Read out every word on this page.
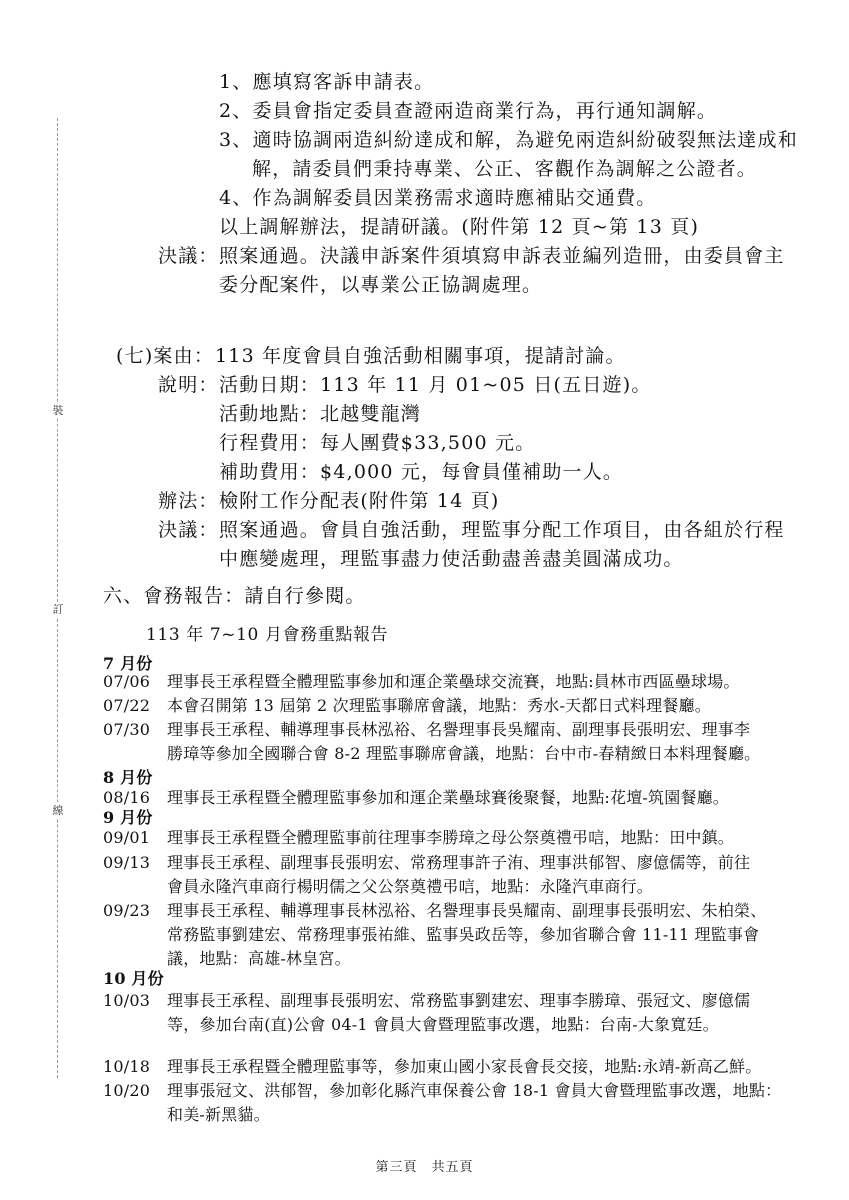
裝
訂
線
1、應填寫客訴申請表。
2、委員會指定委員查證兩造商業行為，再行通知調解。
3、適時協調兩造糾紛達成和解，為避免兩造糾紛破裂無法達成和
解，請委員們秉持專業、公正、客觀作為調解之公證者。
4、作為調解委員因業務需求適時應補貼交通費。
以上調解辦法，提請研議。(附件第 12 頁~第 13 頁)
決議： 照案通過。決議申訴案件須填寫申訴表並編列造冊，由委員會主
委分配案件，以專業公正協調處理。
(七)案由： 113 年度會員自強活動相關事項，提請討論。
說明： 活動日期：113 年 11 月 01~05 日(五日遊)。
活動地點：北越雙龍灣
行程費用：每人團費$33,500 元。
補助費用：$4,000 元，每會員僅補助一人。
辦法： 檢附工作分配表(附件第 14 頁)
決議： 照案通過。會員自強活動，理監事分配工作項目，由各組於行程
中應變處理，理監事盡力使活動盡善盡美圓滿成功。
六、會務報告：請自行參閱。
113 年 7~10 月會務重點報告
7 月份
07/06 理事長王承程暨全體理監事參加和運企業壘球交流賽，地點:員林市西區壘球場。
07/22 本會召開第 13 屆第 2 次理監事聯席會議，地點：秀水-天都日式料理餐廳。
07/30 理事長王承程、輔導理事長林泓裕、名譽理事長吳耀南、副理事長張明宏、理事李
勝璋等參加全國聯合會 8-2 理監事聯席會議，地點：台中市-春精緻日本料理餐廳。
8 月份
08/16 理事長王承程暨全體理監事參加和運企業壘球賽後聚餐，地點:花壇-筑園餐廳。
9 月份
09/01 理事長王承程暨全體理監事前往理事李勝璋之母公祭奠禮弔唁，地點：田中鎮。
09/13 理事長王承程、副理事長張明宏、常務理事許子洧、理事洪郁智、廖億儒等，前往
會員永隆汽車商行楊明儒之父公祭奠禮弔唁，地點：永隆汽車商行。
09/23 理事長王承程、輔導理事長林泓裕、名譽理事長吳耀南、副理事長張明宏、朱柏榮、
常務監事劉建宏、常務理事張祐維、監事吳政岳等，參加省聯合會 11-11 理監事會
議，地點：高雄-林皇宮。
10 月份
10/03 理事長王承程、副理事長張明宏、常務監事劉建宏、理事李勝璋、張冠文、廖億儒
等，參加台南(直)公會 04-1 會員大會暨理監事改選，地點：台南-大象寬廷。
10/18 理事長王承程暨全體理監事等，參加東山國小家長會長交接，地點:永靖-新高乙鮮。
10/20 理事張冠文、洪郁智，參加彰化縣汽車保養公會 18-1 會員大會暨理監事改選，地點：
和美-新黑貓。
第三頁　共五頁
